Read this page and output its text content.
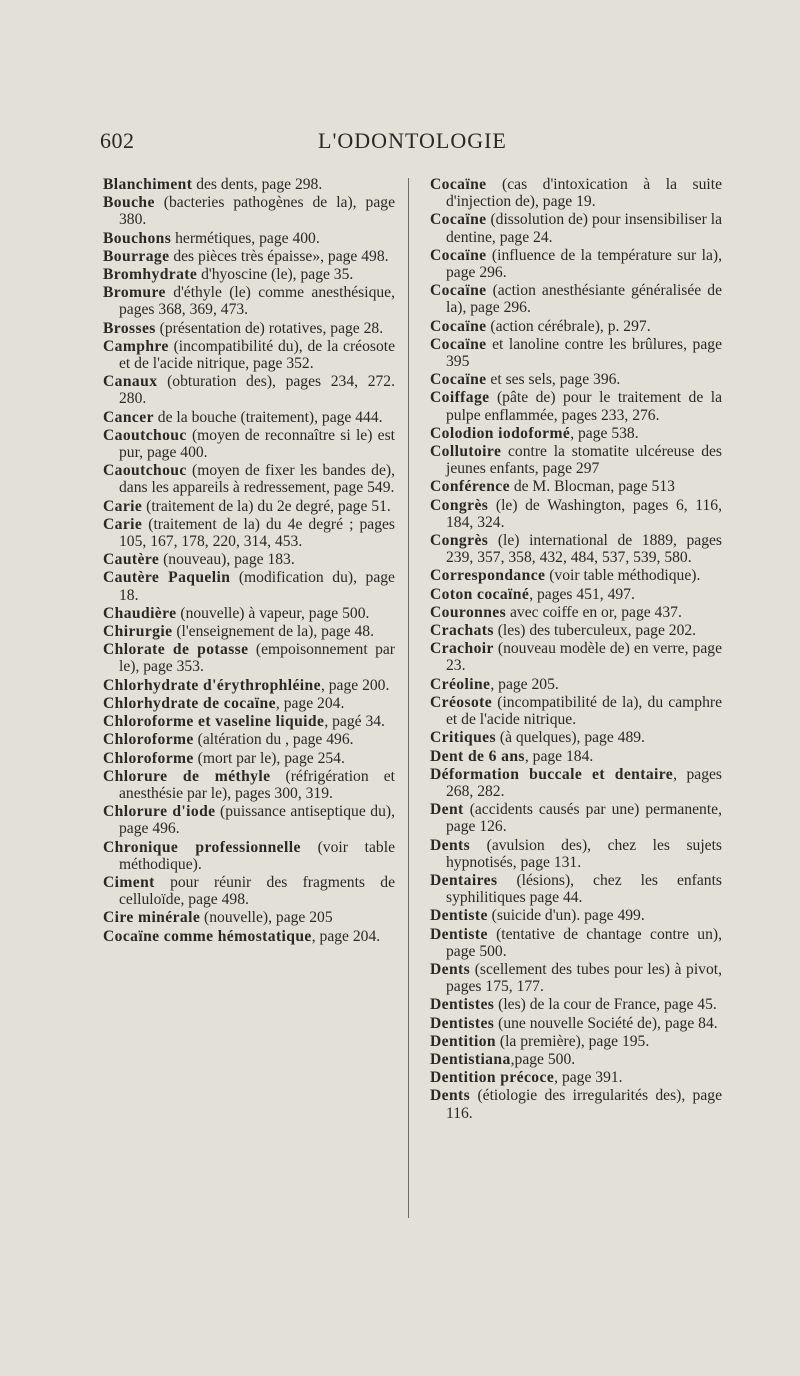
602	L'ODONTOLOGIE
Blanchiment des dents, page 298.
Bouche (bacteries pathogènes de la), page 380.
Bouchons hermétiques, page 400.
Bourrage des pièces très épaisse», page 498.
Bromhydrate d'hyoscine (le), page 35.
Bromure d'éthyle (le) comme anesthésique, pages 368, 369, 473.
Brosses (présentation de) rotatives, page 28.
Camphre (incompatibilité du), de la créosote et de l'acide nitrique, page 352.
Canaux (obturation des), pages 234, 272. 280.
Cancer de la bouche (traitement), page 444.
Caoutchouc (moyen de reconnaître si le) est pur, page 400.
Caoutchouc (moyen de fixer les bandes de), dans les appareils à redressement, page 549.
Carie (traitement de la) du 2e degré, page 51.
Carie (traitement de la) du 4e degré ; pages 105, 167, 178, 220, 314, 453.
Cautère (nouveau), page 183.
Cautère Paquelin (modification du), page 18.
Chaudière (nouvelle) à vapeur, page 500.
Chirurgie (l'enseignement de la), page 48.
Chlorate de potasse (empoisonnement par le), page 353.
Chlorhydrate d'érythrophléine, page 200.
Chlorhydrate de cocaïne, page 204.
Chloroforme et vaseline liquide, pagé 34.
Chloroforme (altération du , page 496.
Chloroforme (mort par le), page 254.
Chlorure de méthyle (réfrigération et anesthésie par le), pages 300, 319.
Chlorure d'iode (puissance antiseptique du), page 496.
Chronique professionnelle (voir table méthodique).
Ciment pour réunir des fragments de celluloïde, page 498.
Cire minérale (nouvelle), page 205
Cocaïne comme hémostatique, page 204.
Cocaïne (cas d'intoxication à la suite d'injection de), page 19.
Cocaïne (dissolution de) pour insensibiliser la dentine, page 24.
Cocaïne (influence de la température sur la), page 296.
Cocaïne (action anesthésiante généralisée de la), page 296.
Cocaïne (action cérébrale), p. 297.
Cocaïne et lanoline contre les brûlures, page 395
Cocaïne et ses sels, page 396.
Coiffage (pâte de) pour le traitement de la pulpe enflammée, pages 233, 276.
Colodion iodoformé, page 538.
Collutoire contre la stomatite ulcéreuse des jeunes enfants, page 297
Conférence de M. Blocman, page 513
Congrès (le) de Washington, pages 6, 116, 184, 324.
Congrès (le) international de 1889, pages 239, 357, 358, 432, 484, 537, 539, 580.
Correspondance (voir table méthodique).
Coton cocaïné, pages 451, 497.
Couronnes avec coiffe en or, page 437.
Crachats (les) des tuberculeux, page 202.
Crachoir (nouveau modèle de) en verre, page 23.
Créoline, page 205.
Créosote (incompatibilité de la), du camphre et de l'acide nitrique.
Critiques (à quelques), page 489.
Dent de 6 ans, page 184.
Déformation buccale et dentaire, pages 268, 282.
Dent (accidents causés par une) permanente, page 126.
Dents (avulsion des), chez les sujets hypnotisés, page 131.
Dentaires (lésions), chez les enfants syphilitiques page 44.
Dentiste (suicide d'un). page 499.
Dentiste (tentative de chantage contre un), page 500.
Dents (scellement des tubes pour les) à pivot, pages 175, 177.
Dentistes (les) de la cour de France, page 45.
Dentistes (une nouvelle Société de), page 84.
Dentition (la première), page 195.
Dentistiana,page 500.
Dentition précoce, page 391.
Dents (étiologie des irregularités des), page 116.
